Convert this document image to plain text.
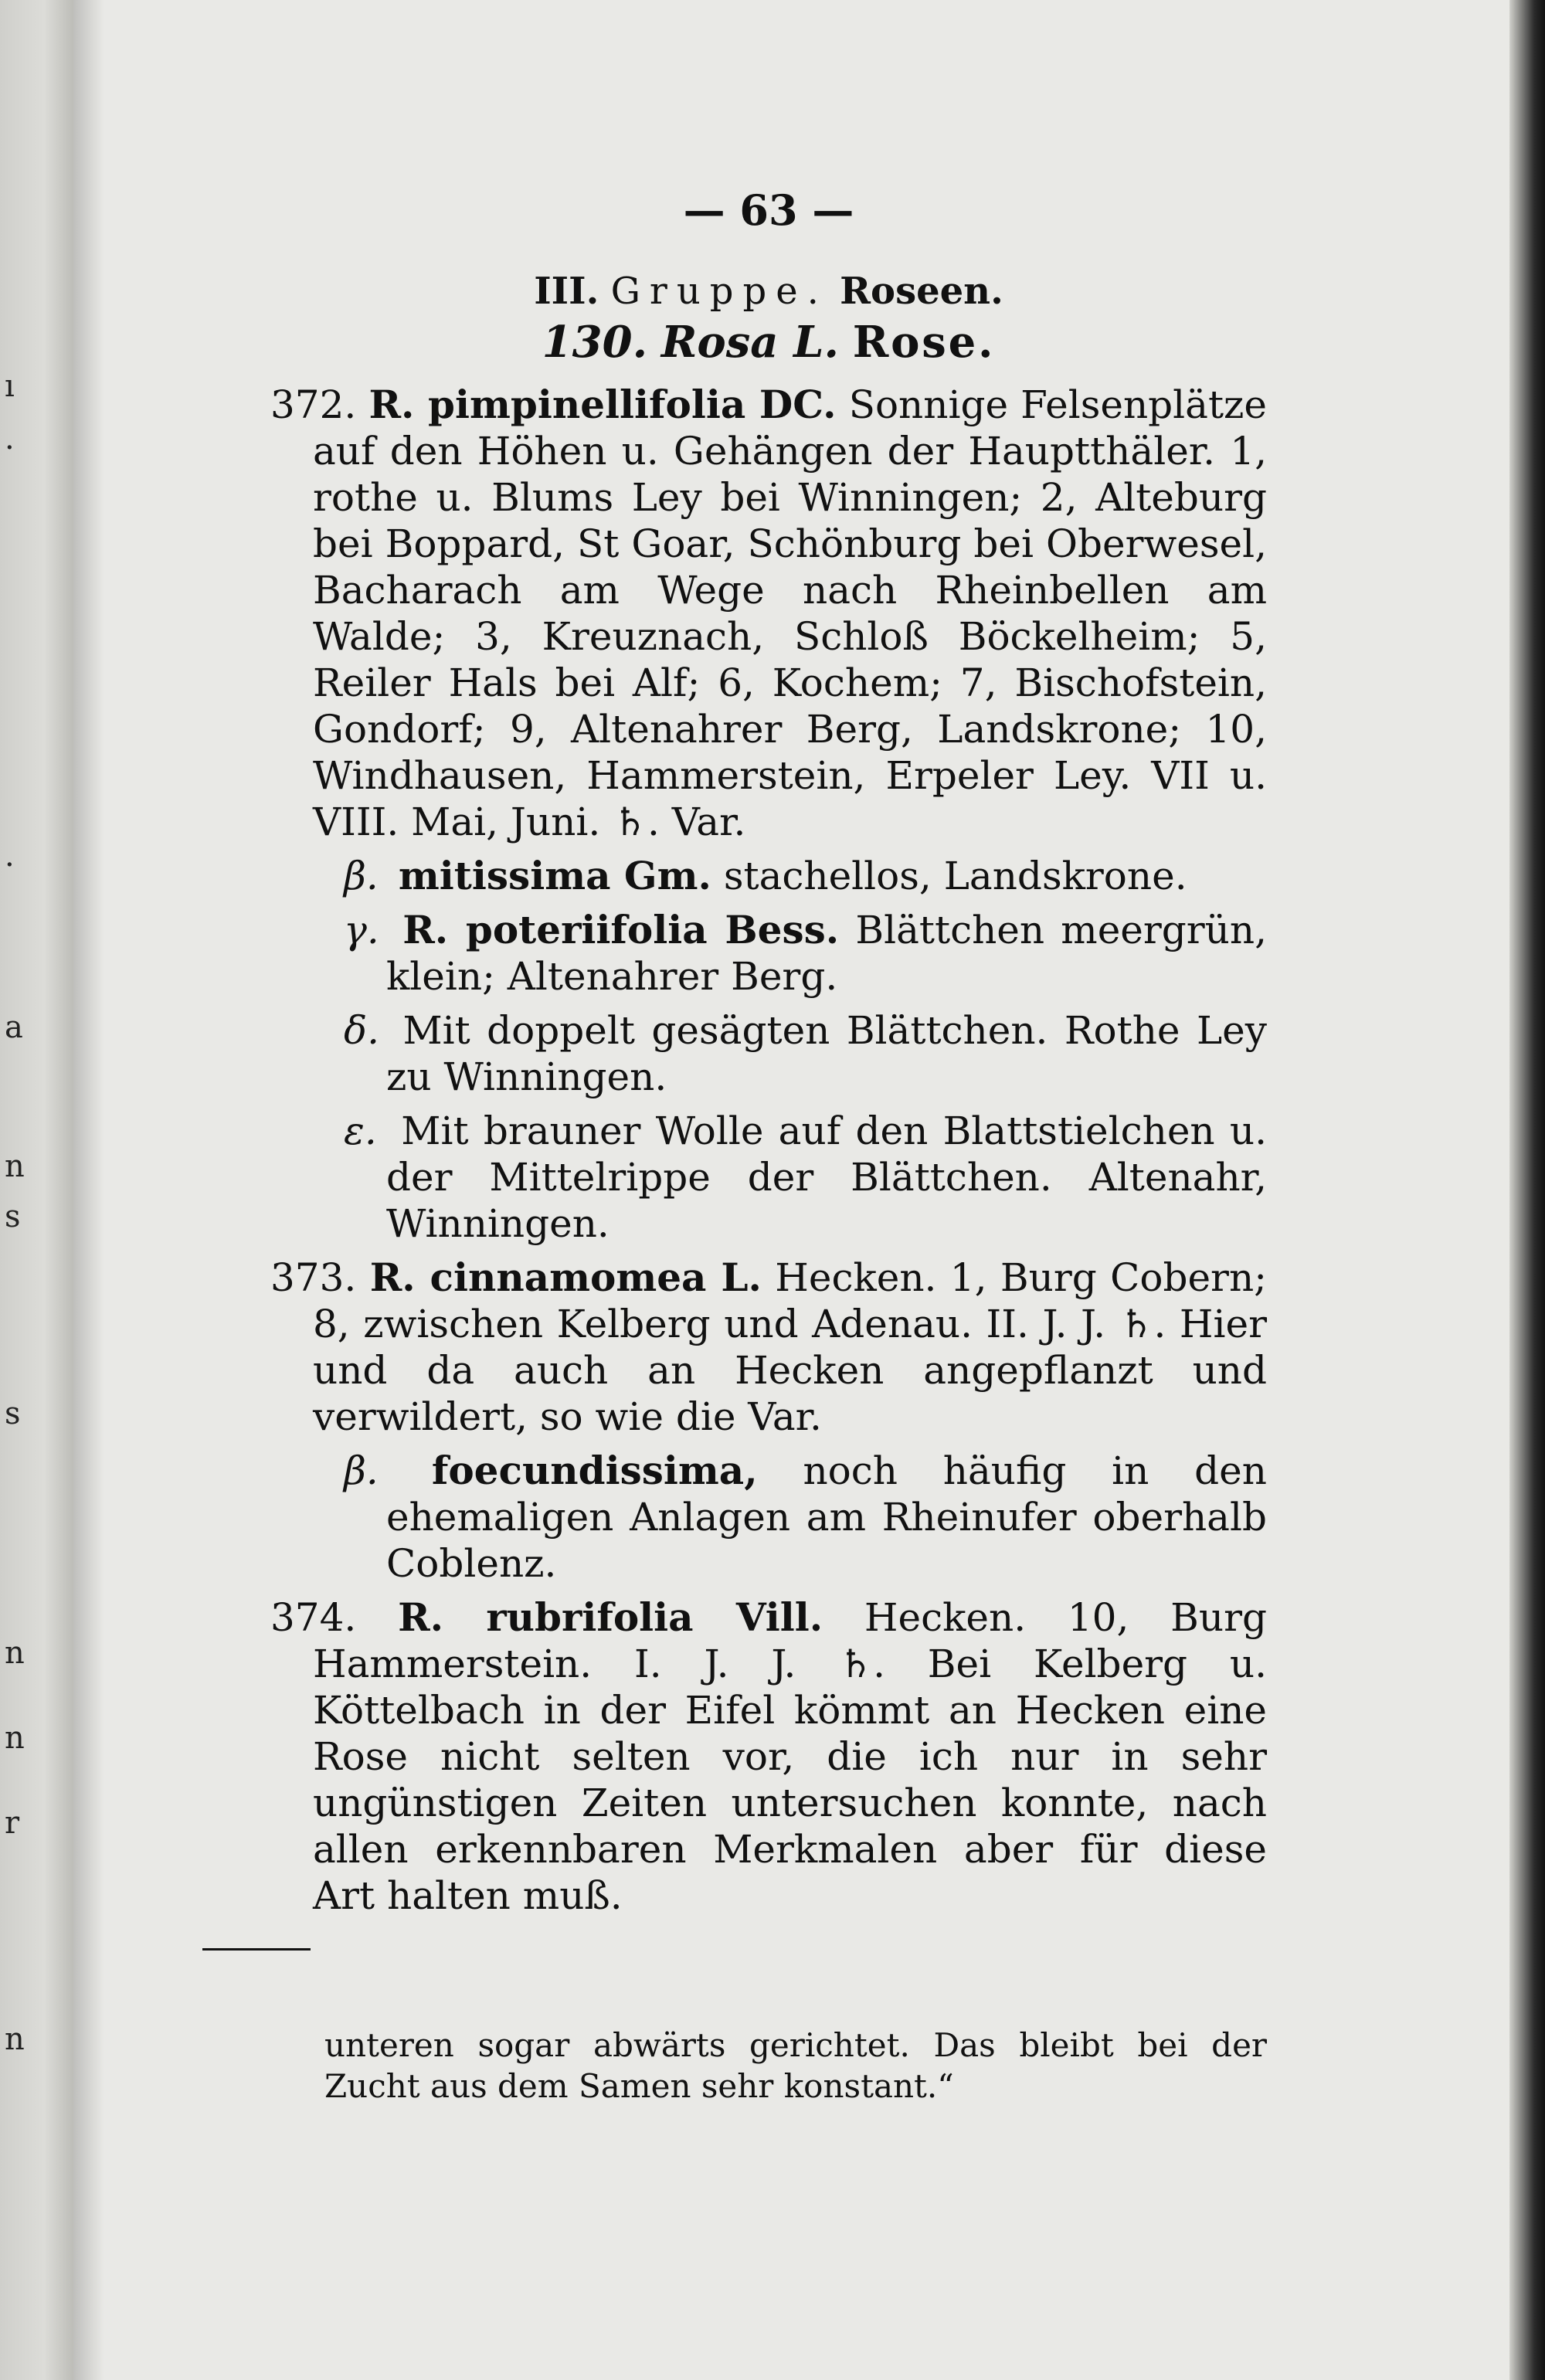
ı
·
·
a
n
s
s
n
n
r
n
— 63 —
III. Gruppe. Roseen.
130. Rosa L. Rose.

372. R. pimpinellifolia DC. Sonnige Felsenplätze auf den Höhen u. Gehängen der Hauptthäler. 1, rothe u. Blums Ley bei Winningen; 2, Alteburg bei Boppard, St Goar, Schönburg bei Oberwesel, Bacharach am Wege nach Rheinbellen am Walde; 3, Kreuznach, Schloß Böckelheim; 5, Reiler Hals bei Alf; 6, Kochem; 7, Bischofstein, Gondorf; 9, Altenahrer Berg, Landskrone; 10, Windhausen, Hammerstein, Erpeler Ley. VII u. VIII. Mai, Juni. ♄. Var.

β. mitissima Gm. stachellos, Landskrone.

γ. R. poteriifolia Bess. Blättchen meergrün, klein; Altenahrer Berg.

δ. Mit doppelt gesägten Blättchen. Rothe Ley zu Winningen.

ε. Mit brauner Wolle auf den Blattstielchen u. der Mittelrippe der Blättchen. Altenahr, Winningen.

373. R. cinnamomea L. Hecken. 1, Burg Cobern; 8, zwischen Kelberg und Adenau. II. J. J. ♄. Hier und da auch an Hecken angepflanzt und verwildert, so wie die Var.

β. foecundissima, noch häufig in den ehemaligen Anlagen am Rheinufer oberhalb Coblenz.

374. R. rubrifolia Vill. Hecken. 10, Burg Hammerstein. I. J. J. ♄. Bei Kelberg u. Köttelbach in der Eifel kömmt an Hecken eine Rose nicht selten vor, die ich nur in sehr ungünstigen Zeiten untersuchen konnte, nach allen erkennbaren Merkmalen aber für diese Art halten muß.

unteren sogar abwärts gerichtet. Das bleibt bei der Zucht aus dem Samen sehr konstant.“
